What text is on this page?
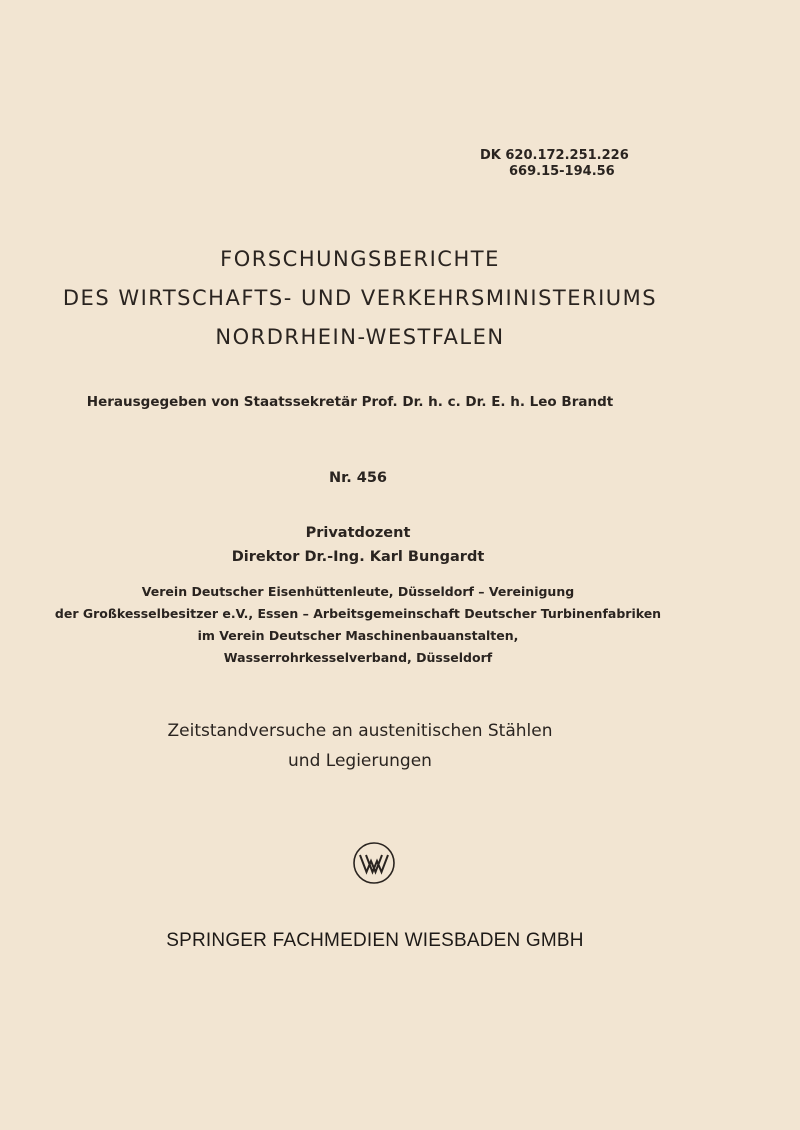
DK 620.172.251.226
669.15-194.56
FORSCHUNGSBERICHTE
DES WIRTSCHAFTS- UND VERKEHRSMINISTERIUMS
NORDRHEIN-WESTFALEN
Herausgegeben von Staatssekretär Prof. Dr. h. c. Dr. E. h. Leo Brandt
Nr. 456
Privatdozent
Direktor Dr.-Ing. Karl Bungardt
Verein Deutscher Eisenhüttenleute, Düsseldorf – Vereinigung
der Großkesselbesitzer e.V., Essen – Arbeitsgemeinschaft Deutscher Turbinenfabriken
im Verein Deutscher Maschinenbauanstalten,
Wasserrohrkesselverband, Düsseldorf
Zeitstandversuche an austenitischen Stählen
und Legierungen
SPRINGER FACHMEDIEN WIESBADEN GMBH
